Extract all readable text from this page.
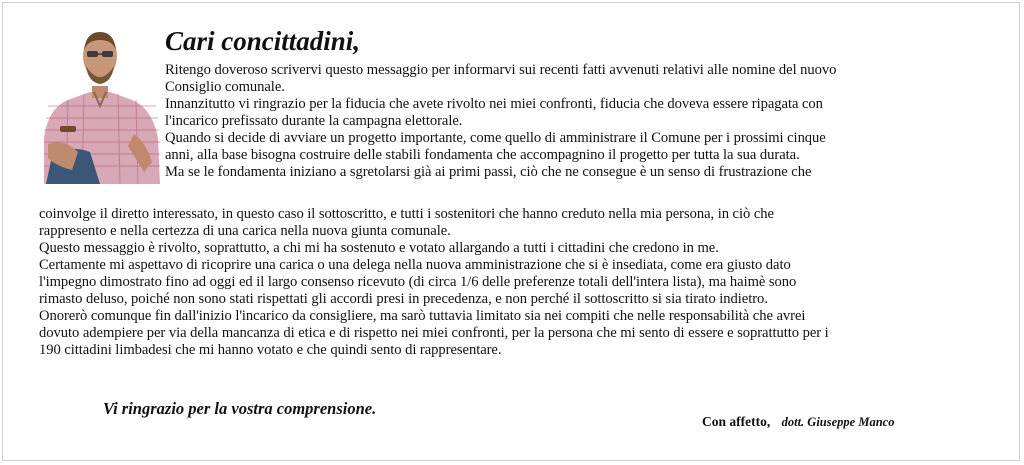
Cari concittadini,
Ritengo doveroso scrivervi questo messaggio per informarvi sui recenti fatti avvenuti relativi alle nomine del nuovo
Consiglio comunale.
Innanzitutto vi ringrazio per la fiducia che avete rivolto nei miei confronti, fiducia che doveva essere ripagata con
l'incarico prefissato durante la campagna elettorale.
Quando si decide di avviare un progetto importante, come quello di amministrare il Comune per i prossimi cinque
anni, alla base bisogna costruire delle stabili fondamenta che accompagnino il progetto per tutta la sua durata.
Ma se le fondamenta iniziano a sgretolarsi già ai primi passi, ciò che ne consegue è un senso di frustrazione che
coinvolge il diretto interessato, in questo caso il sottoscritto, e tutti i sostenitori che hanno creduto nella mia persona, in ciò che
rappresento e nella certezza di una carica nella nuova giunta comunale.
Questo messaggio è rivolto, soprattutto, a chi mi ha sostenuto e votato allargando a tutti i cittadini che credono in me.
Certamente mi aspettavo di ricoprire una carica o una delega nella nuova amministrazione che si è insediata, come era giusto dato
l'impegno dimostrato fino ad oggi ed il largo consenso ricevuto (di circa 1/6 delle preferenze totali dell'intera lista), ma haimè sono
rimasto deluso, poiché non sono stati rispettati gli accordi presi in precedenza, e non perché il sottoscritto si sia tirato indietro.
Onorerò comunque fin dall'inizio l'incarico da consigliere, ma sarò tuttavia limitato sia nei compiti che nelle responsabilità che avrei
dovuto adempiere per via della mancanza di etica e di rispetto nei miei confronti, per la persona che mi sento di essere e soprattutto per i
190 cittadini limbadesi che mi hanno votato e che quindi sento di rappresentare.
Vi ringrazio per la vostra comprensione.
Con affetto, dott. Giuseppe Manco
